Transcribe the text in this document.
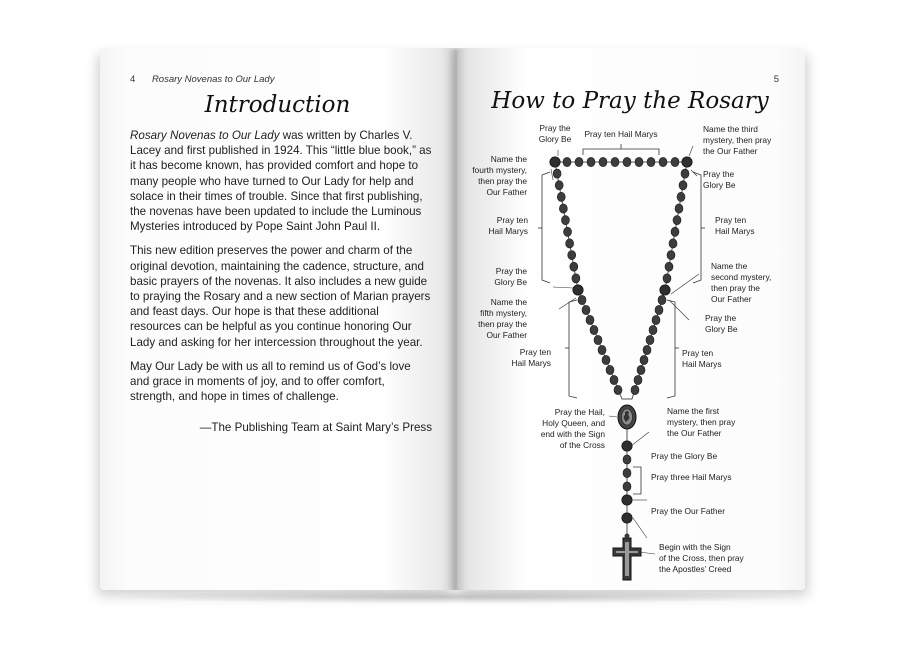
4 Rosary Novenas to Our Lady
Introduction

Rosary Novenas to Our Lady was written by Charles V. Lacey and first published in 1924. This “little blue book,” as it has become known, has provided comfort and hope to many people who have turned to Our Lady for help and solace in their times of trouble. Since that first publishing, the novenas have been updated to include the Luminous Mysteries introduced by Pope Saint John Paul II.

This new edition preserves the power and charm of the original devotion, maintaining the cadence, structure, and basic prayers of the novenas. It also includes a new guide to praying the Rosary and a new section of Marian prayers and feast days. Our hope is that these additional resources can be helpful as you continue honoring Our Lady and asking for her intercession throughout the year.

May Our Lady be with us all to remind us of God’s love and grace in moments of joy, and to offer comfort, strength, and hope in times of challenge.

—The Publishing Team at Saint Mary’s Press

5
How to Pray the Rosary
Pray the Glory Be Pray ten Hail Marys	Name the third mystery, then pray the Our Father
Name the fourth mystery, then pray the Our Father
Pray the Glory Be
Pray ten Hail Marys
Pray ten Hail Marys
Pray the Glory Be
Name the second mystery, then pray the Our Father
Name the fifth mystery, then pray the Our Father
Pray the Glory Be
Pray ten Hail Marys
Pray ten Hail Marys
Pray the Hail, Holy Queen, and end with the Sign of the Cross
Name the first mystery, then pray the Our Father
Pray the Glory Be
Pray three Hail Marys
Pray the Our Father
Begin with the Sign of the Cross, then pray the Apostles’ Creed
